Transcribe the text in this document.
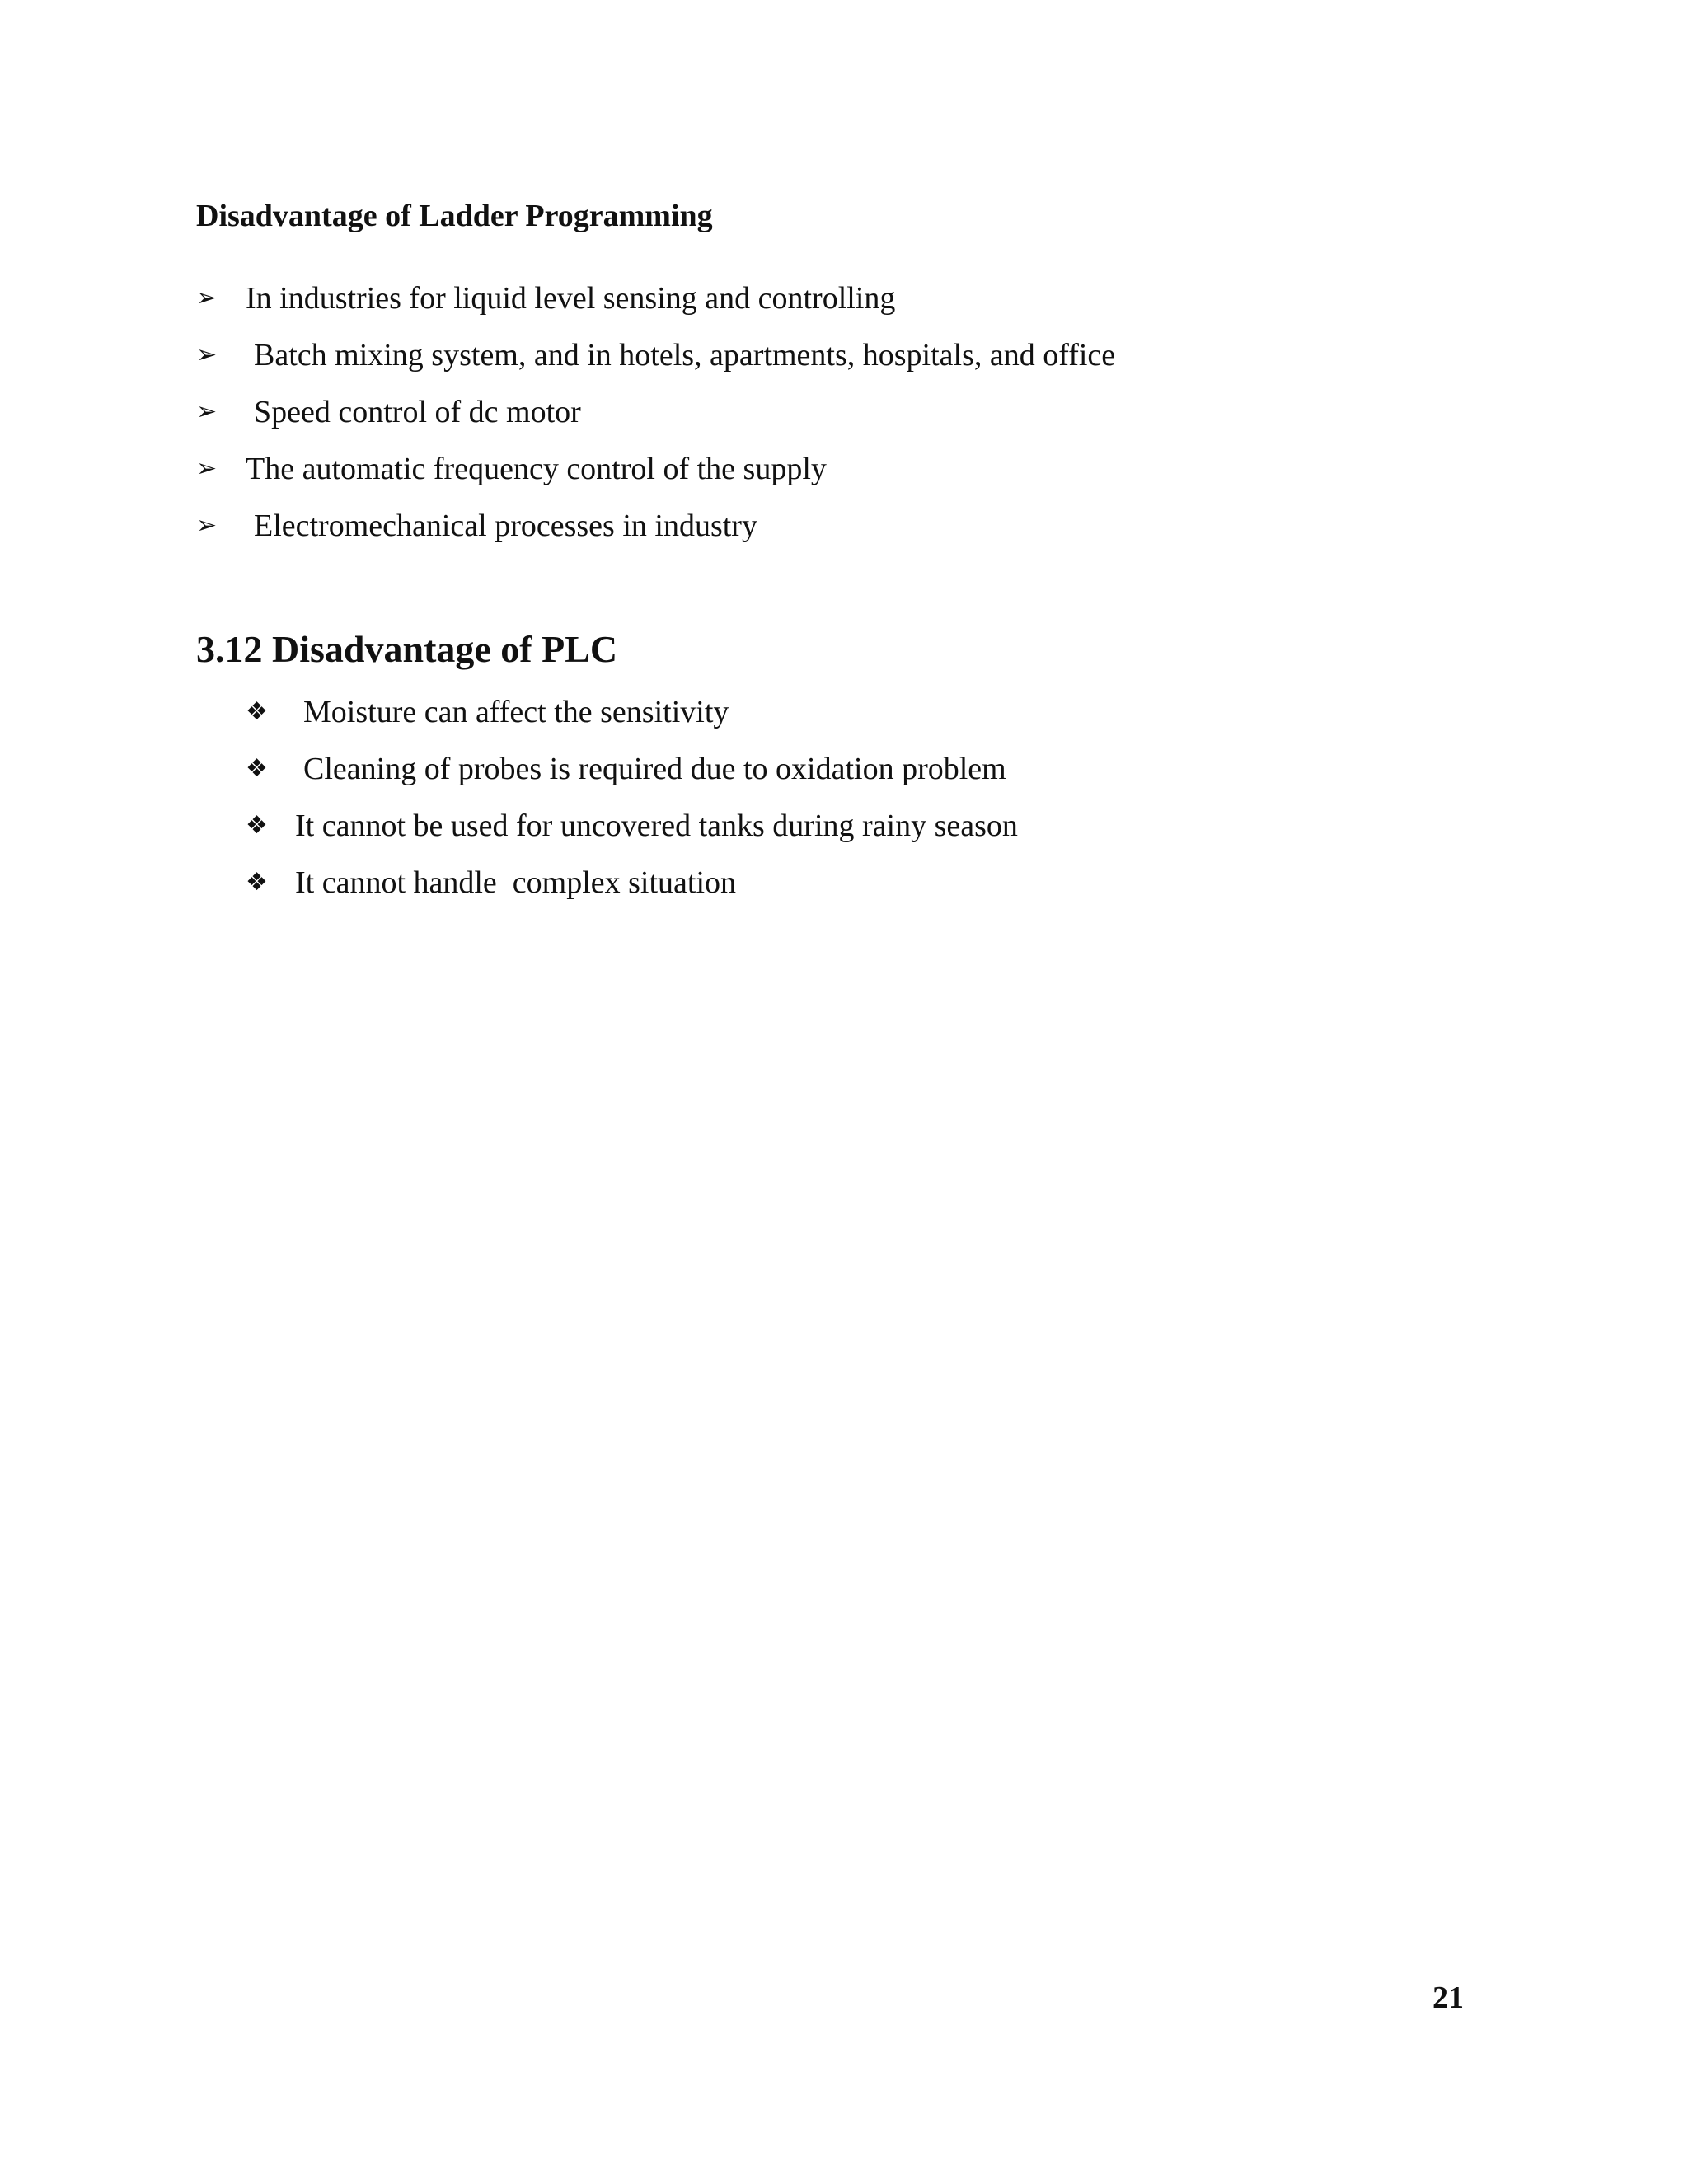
Disadvantage of Ladder Programming
➢ In industries for liquid level sensing and controlling
➢ Batch mixing system, and in hotels, apartments, hospitals, and office
➢ Speed control of dc motor
➢ The automatic frequency control of the supply
➢ Electromechanical processes in industry
3.12 Disadvantage of PLC
❖ Moisture can affect the sensitivity
❖ Cleaning of probes is required due to oxidation problem
❖ It cannot be used for uncovered tanks during rainy season
❖ It cannot handle  complex situation
21
